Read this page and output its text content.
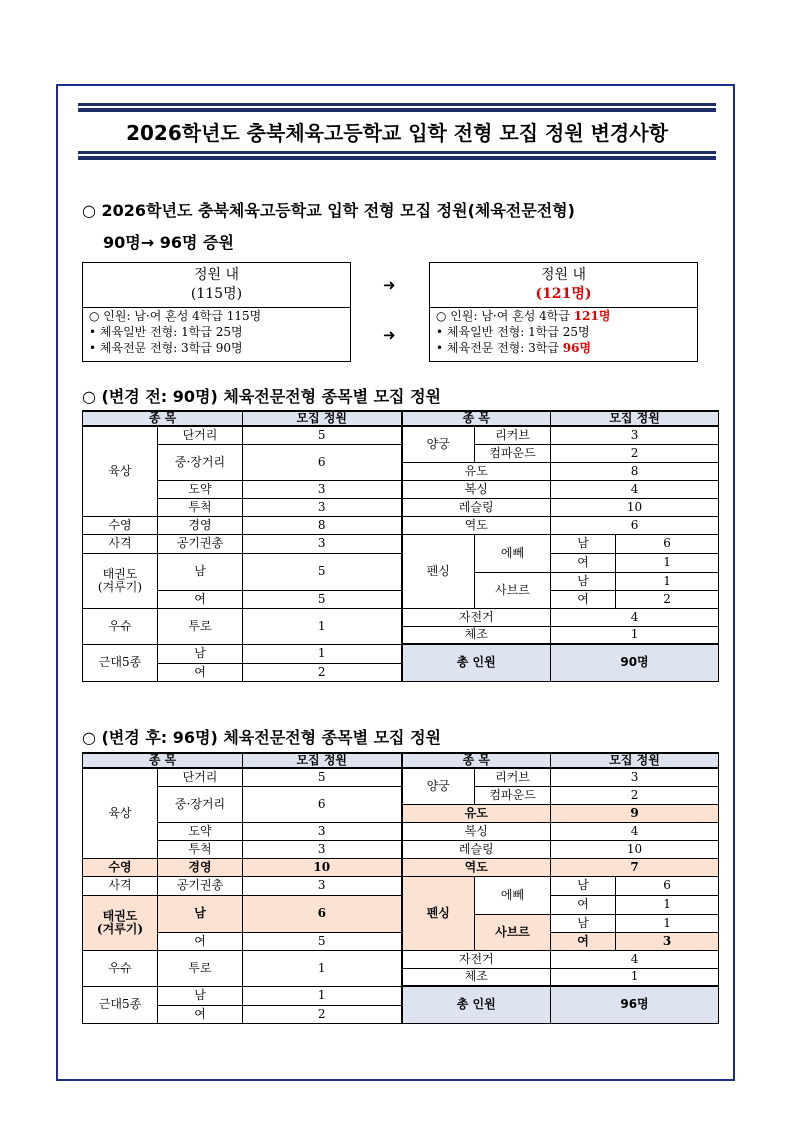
2026학년도 충북체육고등학교 입학 전형 모집 정원 변경사항
○ 2026학년도 충북체육고등학교 입학 전형 모집 정원(체육전문전형)
90명→ 96명 증원
정원 내
(115명)
○ 인원: 남·여 혼성 4학급 115명
• 체육일반 전형: 1학급 25명
• 체육전문 전형: 3학급 90명
➜
➜
정원 내
(121명)
○ 인원: 남·여 혼성 4학급 121명
• 체육일반 전형: 1학급 25명
• 체육전문 전형: 3학급 96명
○ (변경 전: 90명) 체육전문전형 종목별 모집 정원
종 목		모집 정원	종 목		모집 정원	
육상	단거리	5	양궁	리커브	3	
	중·장거리	6		컴파운드	2	
			유도		8	
	도약	3	복싱		4	
	투척	3	레슬링		10	
수영	경영	8	역도		6	
사격	공기권총	3	펜싱	에뻬	남	6
태권도
(겨루기)	남	5			여	1
				사브르	남	1
	여	5			여	2
우슈	투로	1	자전거		4	
			체조		1	
근대5종	남	1	총 인원		90명	
	여	2				
○ (변경 후: 96명) 체육전문전형 종목별 모집 정원
종 목		모집 정원	종 목		모집 정원	
육상	단거리	5	양궁	리커브	3	
	중·장거리	6		컴파운드	2	
			유도		9	
	도약	3	복싱		4	
	투척	3	레슬링		10	
수영	경영	10	역도		7	
사격	공기권총	3	펜싱	에뻬	남	6
태권도
(겨루기)	남	6			여	1
				사브르	남	1
	여	5			여	3
우슈	투로	1	자전거		4	
			체조		1	
근대5종	남	1	총 인원		96명	
	여	2				
